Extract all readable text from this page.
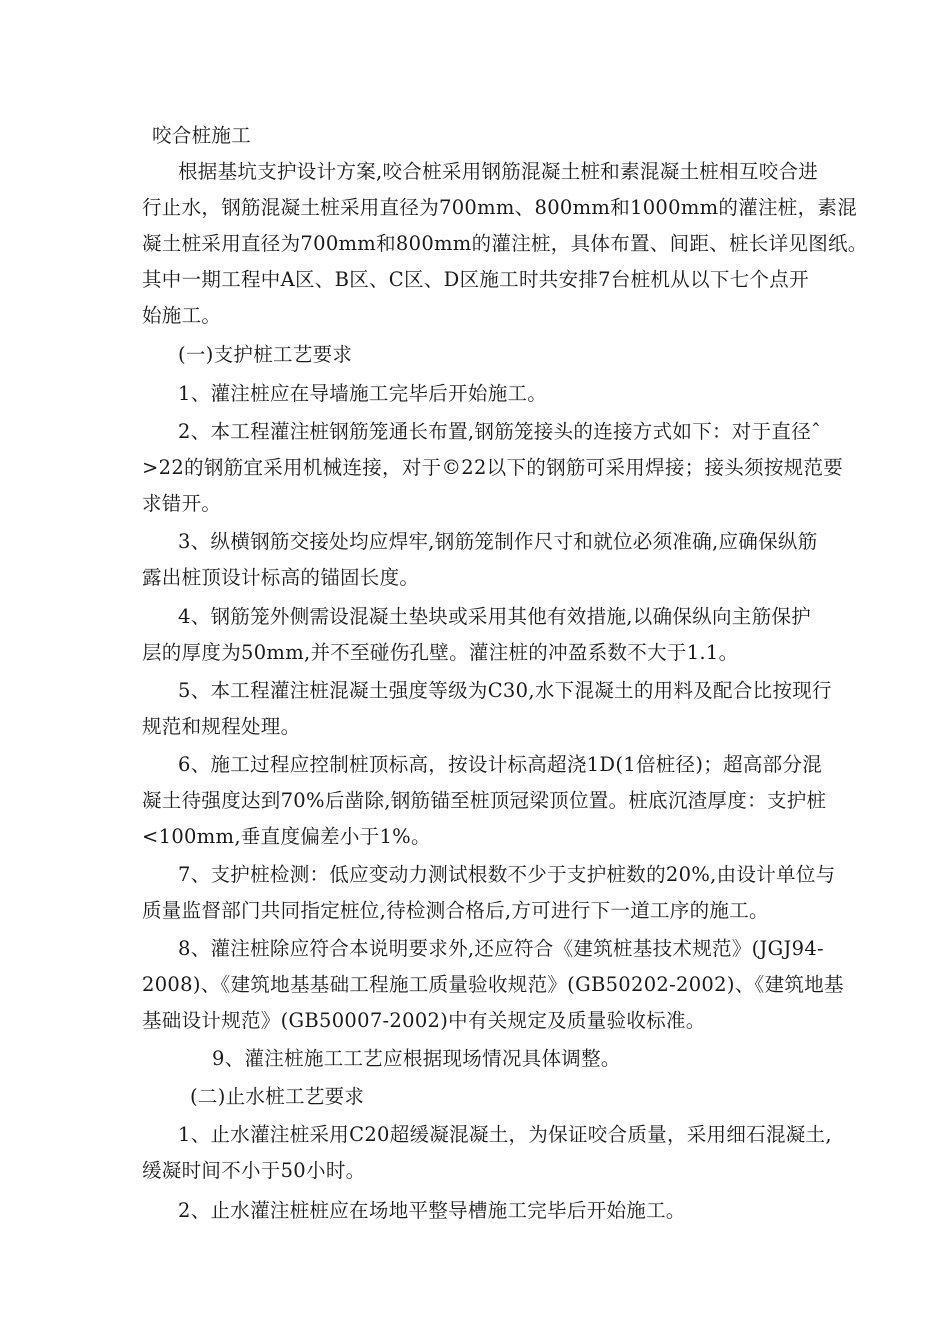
咬合桩施工
根据基坑支护设计方案,咬合桩采用钢筋混凝土桩和素混凝土桩相互咬合进
行止水，钢筋混凝土桩采用直径为700mm、800mm和1000mm的灌注桩，素混
凝土桩采用直径为700mm和800mm的灌注桩，具体布置、间距、桩长详见图纸。
其中一期工程中A区、B区、C区、D区施工时共安排7台桩机从以下七个点开
始施工。
(一)支护桩工艺要求
1、灌注桩应在导墙施工完毕后开始施工。
2、本工程灌注桩钢筋笼通长布置,钢筋笼接头的连接方式如下：对于直径ˆ
>22的钢筋宜采用机械连接，对于©22以下的钢筋可采用焊接；接头须按规范要
求错开。
3、纵横钢筋交接处均应焊牢,钢筋笼制作尺寸和就位必须准确,应确保纵筋
露出桩顶设计标高的锚固长度。
4、钢筋笼外侧需设混凝土垫块或采用其他有效措施,以确保纵向主筋保护
层的厚度为50mm,并不至碰伤孔壁。灌注桩的冲盈系数不大于1.1。
5、本工程灌注桩混凝土强度等级为C30,水下混凝土的用料及配合比按现行
规范和规程处理。
6、施工过程应控制桩顶标高，按设计标高超浇1D(1倍桩径)；超高部分混
凝土待强度达到70%后凿除,钢筋锚至桩顶冠梁顶位置。桩底沉渣厚度：支护桩
<100mm,垂直度偏差小于1%。
7、支护桩检测：低应变动力测试根数不少于支护桩数的20%,由设计单位与
质量监督部门共同指定桩位,待检测合格后,方可进行下一道工序的施工。
8、灌注桩除应符合本说明要求外,还应符合《建筑桩基技术规范》(JGJ94-
2008)、《建筑地基基础工程施工质量验收规范》(GB50202-2002)、《建筑地基
基础设计规范》(GB50007-2002)中有关规定及质量验收标准。
9、灌注桩施工工艺应根据现场情况具体调整。
(二)止水桩工艺要求
1、止水灌注桩采用C20超缓凝混凝土，为保证咬合质量，采用细石混凝土,
缓凝时间不小于50小时。
2、止水灌注桩桩应在场地平整导槽施工完毕后开始施工。
